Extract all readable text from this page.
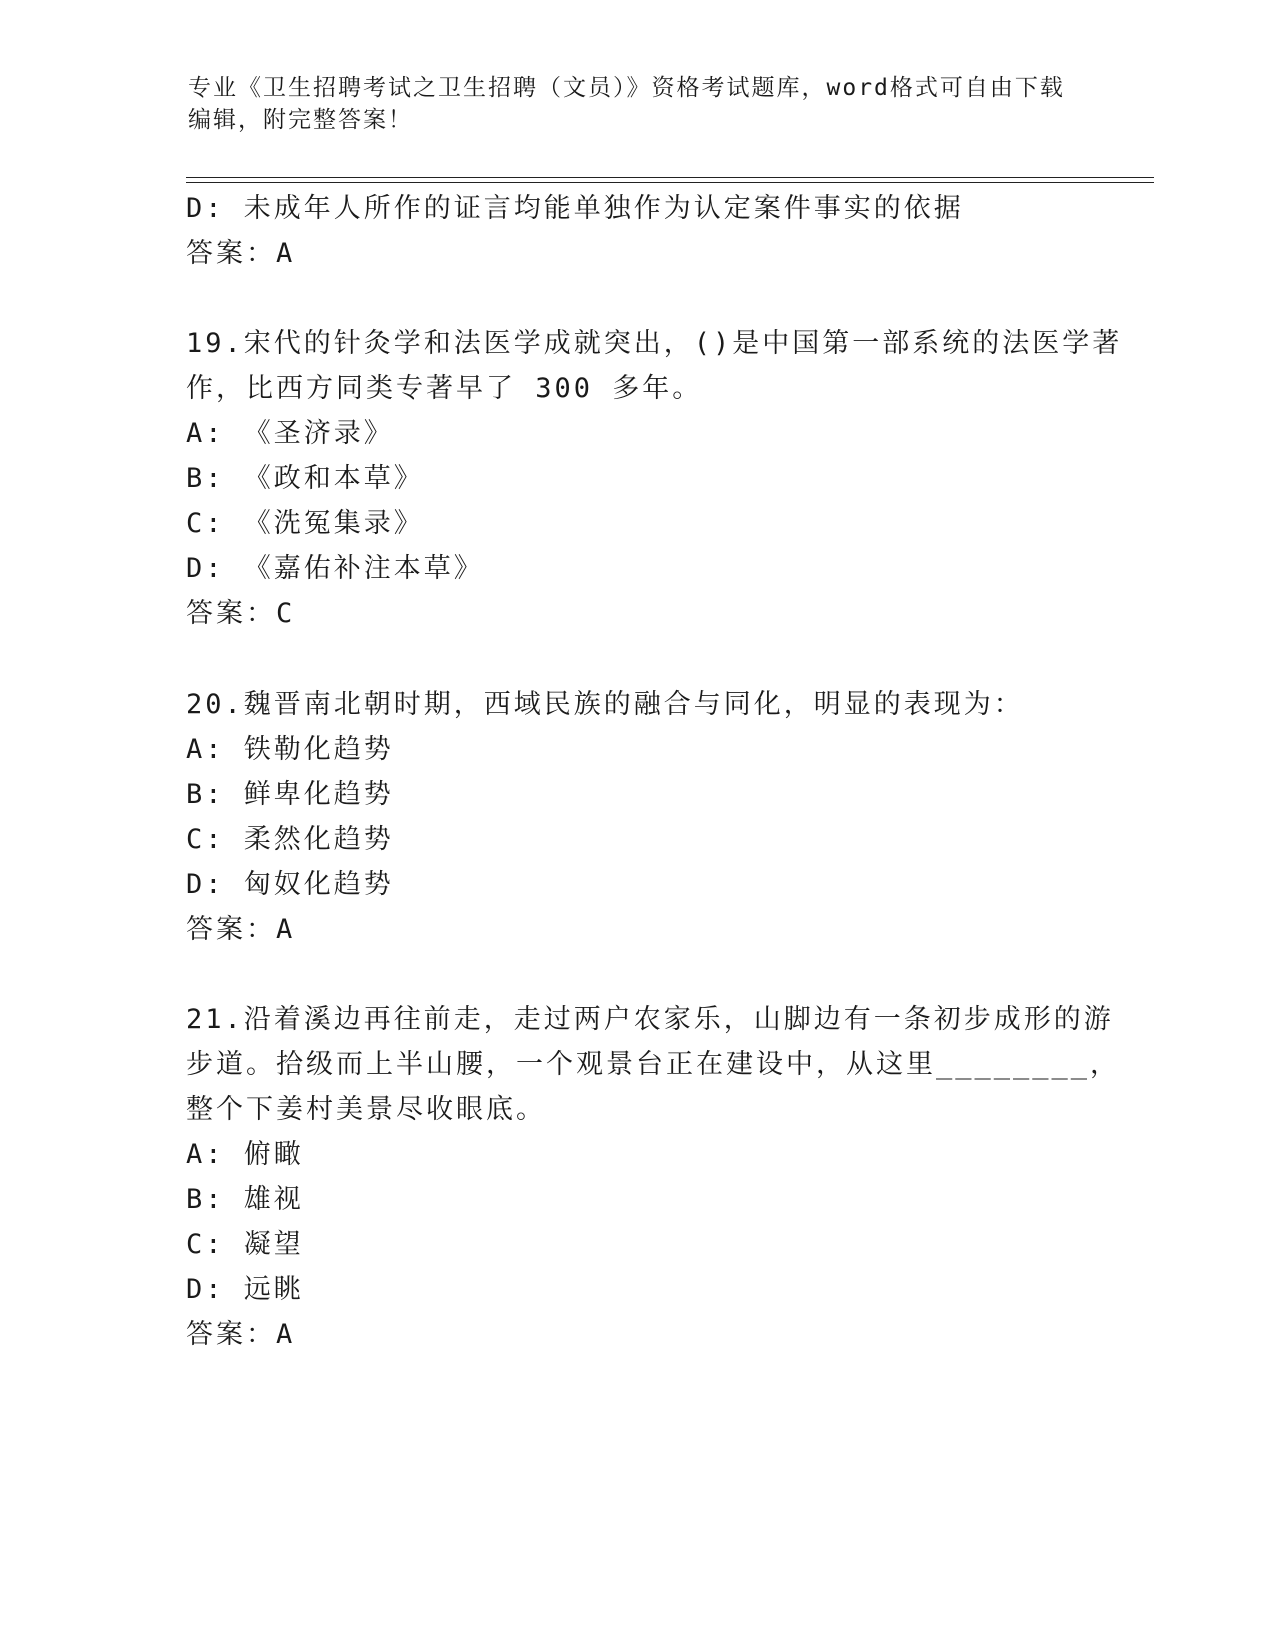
专业《卫生招聘考试之卫生招聘（文员）》资格考试题库，word格式可自由下载
编辑，附完整答案！
D: 未成年人所作的证言均能单独作为认定案件事实的依据
答案：A
19.宋代的针灸学和法医学成就突出，()是中国第一部系统的法医学著
作，比西方同类专著早了 300 多年。
A: 《圣济录》
B: 《政和本草》
C: 《洗冤集录》
D: 《嘉佑补注本草》
答案：C
20.魏晋南北朝时期，西域民族的融合与同化，明显的表现为：
A: 铁勒化趋势
B: 鲜卑化趋势
C: 柔然化趋势
D: 匈奴化趋势
答案：A
21.沿着溪边再往前走，走过两户农家乐，山脚边有一条初步成形的游
步道。拾级而上半山腰，一个观景台正在建设中，从这里________，
整个下姜村美景尽收眼底。
A: 俯瞰
B: 雄视
C: 凝望
D: 远眺
答案：A
